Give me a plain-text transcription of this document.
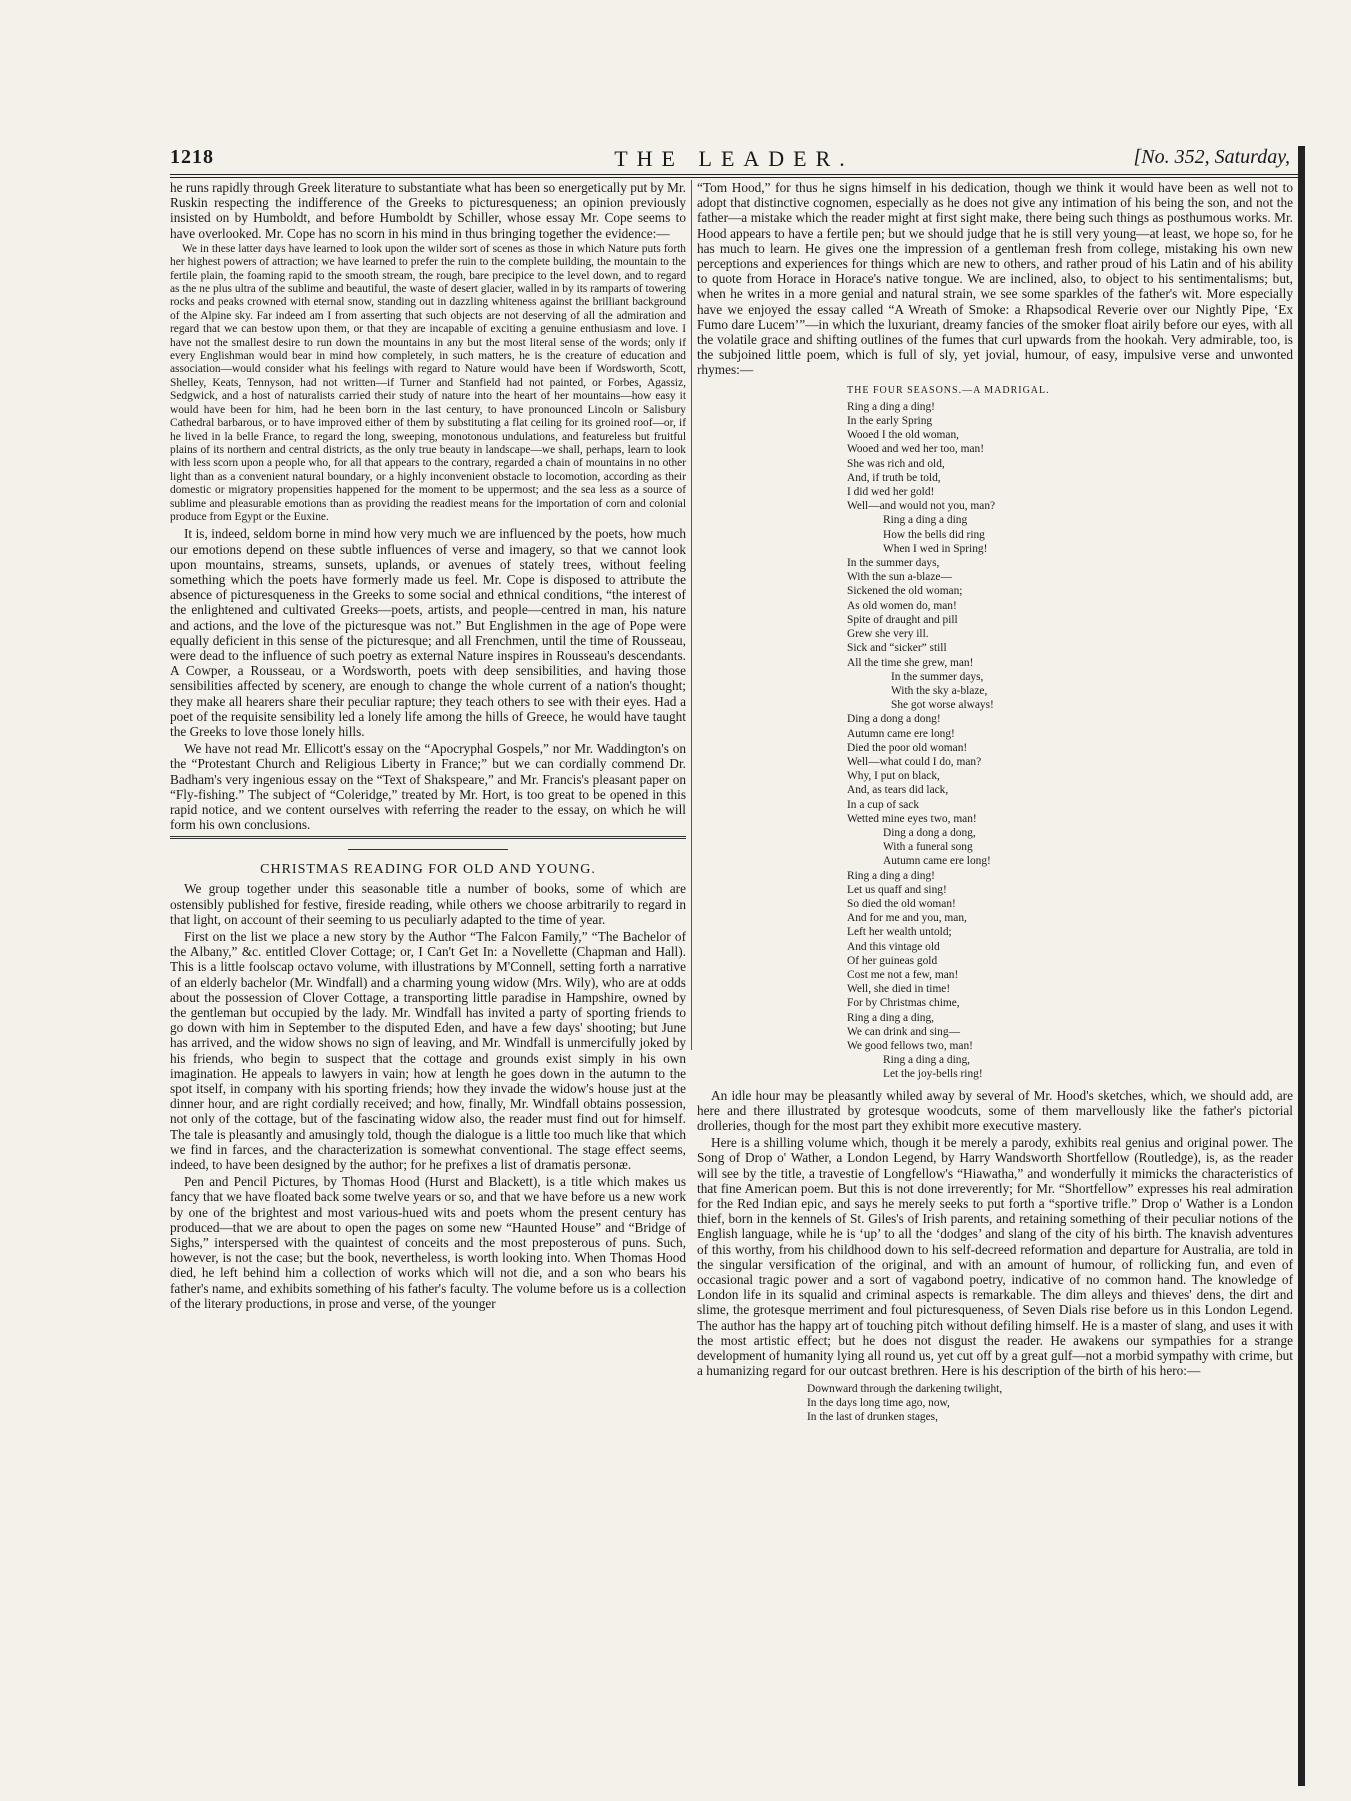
1218	THE LEADER.	[No. 352, Saturday,

he runs rapidly through Greek literature to substantiate what has been so energetically put by Mr. Ruskin respecting the indifference of the Greeks to picturesqueness; an opinion previously insisted on by Humboldt, and before Humboldt by Schiller, whose essay Mr. Cope seems to have overlooked. Mr. Cope has no scorn in his mind in thus bringing together the evidence:—

We in these latter days have learned to look upon the wilder sort of scenes as those in which Nature puts forth her highest powers of attraction; we have learned to prefer the ruin to the complete building, the mountain to the fertile plain, the foaming rapid to the smooth stream, the rough, bare precipice to the level down, and to regard as the ne plus ultra of the sublime and beautiful, the waste of desert glacier, walled in by its ramparts of towering rocks and peaks crowned with eternal snow, standing out in dazzling whiteness against the brilliant background of the Alpine sky. Far indeed am I from asserting that such objects are not deserving of all the admiration and regard that we can bestow upon them, or that they are incapable of exciting a genuine enthusiasm and love. I have not the smallest desire to run down the mountains in any but the most literal sense of the words; only if every Englishman would bear in mind how completely, in such matters, he is the creature of education and association—would consider what his feelings with regard to Nature would have been if Wordsworth, Scott, Shelley, Keats, Tennyson, had not written—if Turner and Stanfield had not painted, or Forbes, Agassiz, Sedgwick, and a host of naturalists carried their study of nature into the heart of her mountains—how easy it would have been for him, had he been born in the last century, to have pronounced Lincoln or Salisbury Cathedral barbarous, or to have improved either of them by substituting a flat ceiling for its groined roof—or, if he lived in la belle France, to regard the long, sweeping, monotonous undulations, and featureless but fruitful plains of its northern and central districts, as the only true beauty in landscape—we shall, perhaps, learn to look with less scorn upon a people who, for all that appears to the contrary, regarded a chain of mountains in no other light than as a convenient natural boundary, or a highly inconvenient obstacle to locomotion, according as their domestic or migratory propensities happened for the moment to be uppermost; and the sea less as a source of sublime and pleasurable emotions than as providing the readiest means for the importation of corn and colonial produce from Egypt or the Euxine.

It is, indeed, seldom borne in mind how very much we are influenced by the poets, how much our emotions depend on these subtle influences of verse and imagery, so that we cannot look upon mountains, streams, sunsets, uplands, or avenues of stately trees, without feeling something which the poets have formerly made us feel. Mr. Cope is disposed to attribute the absence of picturesqueness in the Greeks to some social and ethnical conditions, “the interest of the enlightened and cultivated Greeks—poets, artists, and people—centred in man, his nature and actions, and the love of the picturesque was not.” But Englishmen in the age of Pope were equally deficient in this sense of the picturesque; and all Frenchmen, until the time of Rousseau, were dead to the influence of such poetry as external Nature inspires in Rousseau's descendants. A Cowper, a Rousseau, or a Wordsworth, poets with deep sensibilities, and having those sensibilities affected by scenery, are enough to change the whole current of a nation's thought; they make all hearers share their peculiar rapture; they teach others to see with their eyes. Had a poet of the requisite sensibility led a lonely life among the hills of Greece, he would have taught the Greeks to love those lonely hills.

We have not read Mr. Ellicott's essay on the “Apocryphal Gospels,” nor Mr. Waddington's on the “Protestant Church and Religious Liberty in France;” but we can cordially commend Dr. Badham's very ingenious essay on the “Text of Shakspeare,” and Mr. Francis's pleasant paper on “Fly-fishing.” The subject of “Coleridge,” treated by Mr. Hort, is too great to be opened in this rapid notice, and we content ourselves with referring the reader to the essay, on which he will form his own conclusions.

CHRISTMAS READING FOR OLD AND YOUNG.

We group together under this seasonable title a number of books, some of which are ostensibly published for festive, fireside reading, while others we choose arbitrarily to regard in that light, on account of their seeming to us peculiarly adapted to the time of year.

First on the list we place a new story by the Author “The Falcon Family,” “The Bachelor of the Albany,” &c. entitled Clover Cottage; or, I Can't Get In: a Novellette (Chapman and Hall). This is a little foolscap octavo volume, with illustrations by M'Connell, setting forth a narrative of an elderly bachelor (Mr. Windfall) and a charming young widow (Mrs. Wily), who are at odds about the possession of Clover Cottage, a transporting little paradise in Hampshire, owned by the gentleman but occupied by the lady. Mr. Windfall has invited a party of sporting friends to go down with him in September to the disputed Eden, and have a few days' shooting; but June has arrived, and the widow shows no sign of leaving, and Mr. Windfall is unmercifully joked by his friends, who begin to suspect that the cottage and grounds exist simply in his own imagination. He appeals to lawyers in vain; how at length he goes down in the autumn to the spot itself, in company with his sporting friends; how they invade the widow's house just at the dinner hour, and are right cordially received; and how, finally, Mr. Windfall obtains possession, not only of the cottage, but of the fascinating widow also, the reader must find out for himself. The tale is pleasantly and amusingly told, though the dialogue is a little too much like that which we find in farces, and the characterization is somewhat conventional. The stage effect seems, indeed, to have been designed by the author; for he prefixes a list of dramatis personæ.

Pen and Pencil Pictures, by Thomas Hood (Hurst and Blackett), is a title which makes us fancy that we have floated back some twelve years or so, and that we have before us a new work by one of the brightest and most various-hued wits and poets whom the present century has produced—that we are about to open the pages on some new “Haunted House” and “Bridge of Sighs,” interspersed with the quaintest of conceits and the most preposterous of puns. Such, however, is not the case; but the book, nevertheless, is worth looking into. When Thomas Hood died, he left behind him a collection of works which will not die, and a son who bears his father's name, and exhibits something of his father's faculty. The volume before us is a collection of the literary productions, in prose and verse, of the younger

“Tom Hood,” for thus he signs himself in his dedication, though we think it would have been as well not to adopt that distinctive cognomen, especially as he does not give any intimation of his being the son, and not the father—a mistake which the reader might at first sight make, there being such things as posthumous works. Mr. Hood appears to have a fertile pen; but we should judge that he is still very young—at least, we hope so, for he has much to learn. He gives one the impression of a gentleman fresh from college, mistaking his own new perceptions and experiences for things which are new to others, and rather proud of his Latin and of his ability to quote from Horace in Horace's native tongue. We are inclined, also, to object to his sentimentalisms; but, when he writes in a more genial and natural strain, we see some sparkles of the father's wit. More especially have we enjoyed the essay called “A Wreath of Smoke: a Rhapsodical Reverie over our Nightly Pipe, ‘Ex Fumo dare Lucem’”—in which the luxuriant, dreamy fancies of the smoker float airily before our eyes, with all the volatile grace and shifting outlines of the fumes that curl upwards from the hookah. Very admirable, too, is the subjoined little poem, which is full of sly, yet jovial, humour, of easy, impulsive verse and unwonted rhymes:—

THE FOUR SEASONS.—A MADRIGAL.
Ring a ding a ding!
In the early Spring
Wooed I the old woman,
Wooed and wed her too, man!
She was rich and old,
And, if truth be told,
I did wed her gold!
Well—and would not you, man?
Ring a ding a ding
How the bells did ring
When I wed in Spring!
In the summer days,
With the sun a-blaze—
Sickened the old woman;
As old women do, man!
Spite of draught and pill
Grew she very ill.
Sick and “sicker” still
All the time she grew, man!
In the summer days,
With the sky a-blaze,
She got worse always!
Ding a dong a dong!
Autumn came ere long!
Died the poor old woman!
Well—what could I do, man?
Why, I put on black,
And, as tears did lack,
In a cup of sack
Wetted mine eyes two, man!
Ding a dong a dong,
With a funeral song
Autumn came ere long!
Ring a ding a ding!
Let us quaff and sing!
So died the old woman!
And for me and you, man,
Left her wealth untold;
And this vintage old
Of her guineas gold
Cost me not a few, man!
Well, she died in time!
For by Christmas chime,
Ring a ding a ding,
We can drink and sing—
We good fellows two, man!
Ring a ding a ding,
Let the joy-bells ring!

An idle hour may be pleasantly whiled away by several of Mr. Hood's sketches, which, we should add, are here and there illustrated by grotesque woodcuts, some of them marvellously like the father's pictorial drolleries, though for the most part they exhibit more executive mastery.

Here is a shilling volume which, though it be merely a parody, exhibits real genius and original power. The Song of Drop o' Wather, a London Legend, by Harry Wandsworth Shortfellow (Routledge), is, as the reader will see by the title, a travestie of Longfellow's “Hiawatha,” and wonderfully it mimicks the characteristics of that fine American poem. But this is not done irreverently; for Mr. “Shortfellow” expresses his real admiration for the Red Indian epic, and says he merely seeks to put forth a “sportive trifle.” Drop o' Wather is a London thief, born in the kennels of St. Giles's of Irish parents, and retaining something of their peculiar notions of the English language, while he is ‘up’ to all the ‘dodges’ and slang of the city of his birth. The knavish adventures of this worthy, from his childhood down to his self-decreed reformation and departure for Australia, are told in the singular versification of the original, and with an amount of humour, of rollicking fun, and even of occasional tragic power and a sort of vagabond poetry, indicative of no common hand. The knowledge of London life in its squalid and criminal aspects is remarkable. The dim alleys and thieves' dens, the dirt and slime, the grotesque merriment and foul picturesqueness, of Seven Dials rise before us in this London Legend. The author has the happy art of touching pitch without defiling himself. He is a master of slang, and uses it with the most artistic effect; but he does not disgust the reader. He awakens our sympathies for a strange development of humanity lying all round us, yet cut off by a great gulf—not a morbid sympathy with crime, but a humanizing regard for our outcast brethren. Here is his description of the birth of his hero:—

Downward through the darkening twilight,
In the days long time ago, now,
In the last of drunken stages,
